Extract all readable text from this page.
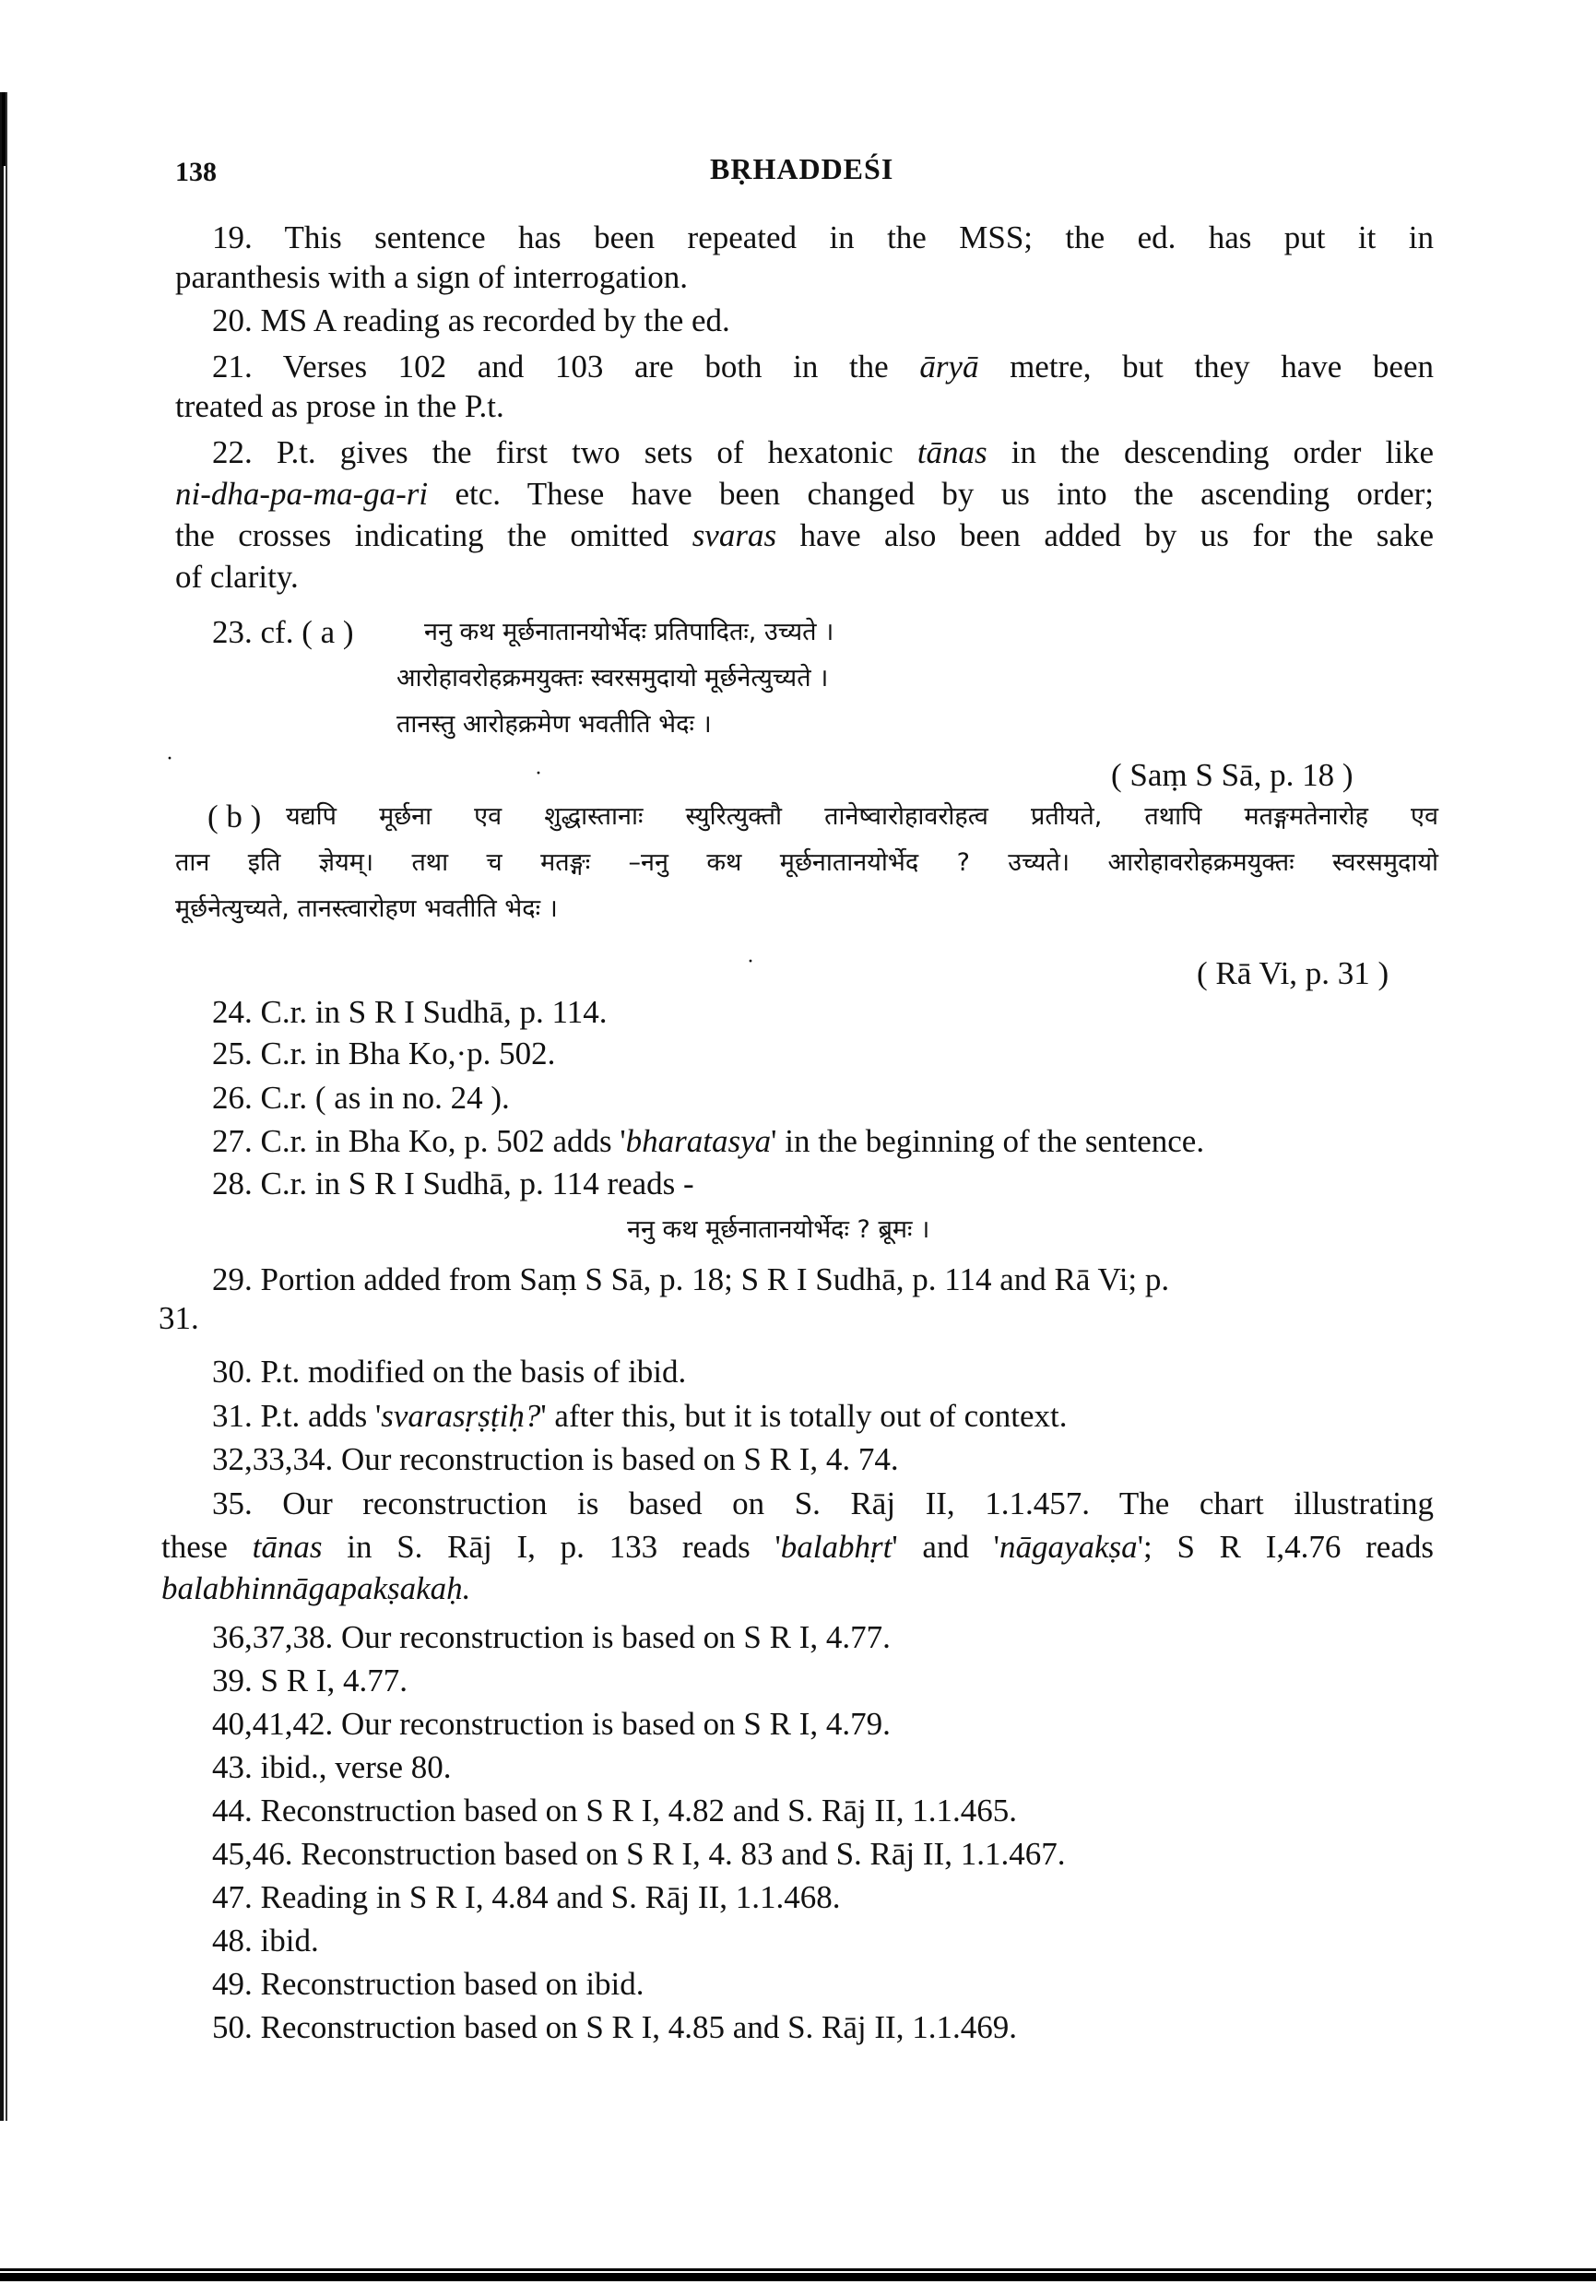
138	BṚHADDEŚI
19. This sentence has been repeated in the MSS; the ed. has put it in
paranthesis with a sign of interrogation.
20. MS A reading as recorded by the ed.
21. Verses 102 and 103 are both in the āryā metre, but they have been
treated as prose in the P.t.
22. P.t. gives the first two sets of hexatonic tānas in the descending order like
ni-dha-pa-ma-ga-ri etc. These have been changed by us into the ascending order;
the crosses indicating the omitted svaras have also been added by us for the sake
of clarity.
23. cf. ( a )	ननु कथ मूर्छनातानयोर्भेदः प्रतिपादितः, उच्यते ।
आरोहावरोहक्रमयुक्तः स्वरसमुदायो मूर्छनेत्युच्यते ।
तानस्तु आरोहक्रमेण भवतीति भेदः ।
·
·	( Saṃ S Sā, p. 18 )
( b ) यद्यपि मूर्छना एव शुद्धास्तानाः स्युरित्युक्तौ तानेष्वारोहावरोहत्व प्रतीयते, तथापि मतङ्गमतेनारोह एव
तान इति ज्ञेयम्। तथा च मतङ्गः –ननु कथ मूर्छनातानयोर्भेद ? उच्यते। आरोहावरोहक्रमयुक्तः स्वरसमुदायो
मूर्छनेत्युच्यते, तानस्त्वारोहण भवतीति भेदः ।
·	( Rā Vi, p. 31 )
24. C.r. in S R I Sudhā, p. 114.
25. C.r. in Bha Ko,·p. 502.
26. C.r. ( as in no. 24 ).
27. C.r. in Bha Ko, p. 502 adds 'bharatasya' in the beginning of the sentence.
28. C.r. in S R I Sudhā, p. 114 reads -
ननु कथ मूर्छनातानयोर्भेदः ? ब्रूमः ।
29. Portion added from Saṃ S Sā, p. 18; S R I Sudhā, p. 114 and Rā Vi; p.
31.
30. P.t. modified on the basis of ibid.
31. P.t. adds 'svarasṛṣṭiḥ?' after this, but it is totally out of context.
32,33,34. Our reconstruction is based on S R I, 4. 74.
35. Our reconstruction is based on S. Rāj II, 1.1.457. The chart illustrating
these tānas in S. Rāj I, p. 133 reads 'balabhṛt' and 'nāgayakṣa'; S R I,4.76 reads
balabhinnāgapakṣakaḥ.
36,37,38. Our reconstruction is based on S R I, 4.77.
39. S R I, 4.77.
40,41,42. Our reconstruction is based on S R I, 4.79.
43. ibid., verse 80.
44. Reconstruction based on S R I, 4.82 and S. Rāj II, 1.1.465.
45,46. Reconstruction based on S R I, 4. 83 and S. Rāj II, 1.1.467.
47. Reading in S R I, 4.84 and S. Rāj II, 1.1.468.
48. ibid.
49. Reconstruction based on ibid.
50. Reconstruction based on S R I, 4.85 and S. Rāj II, 1.1.469.
